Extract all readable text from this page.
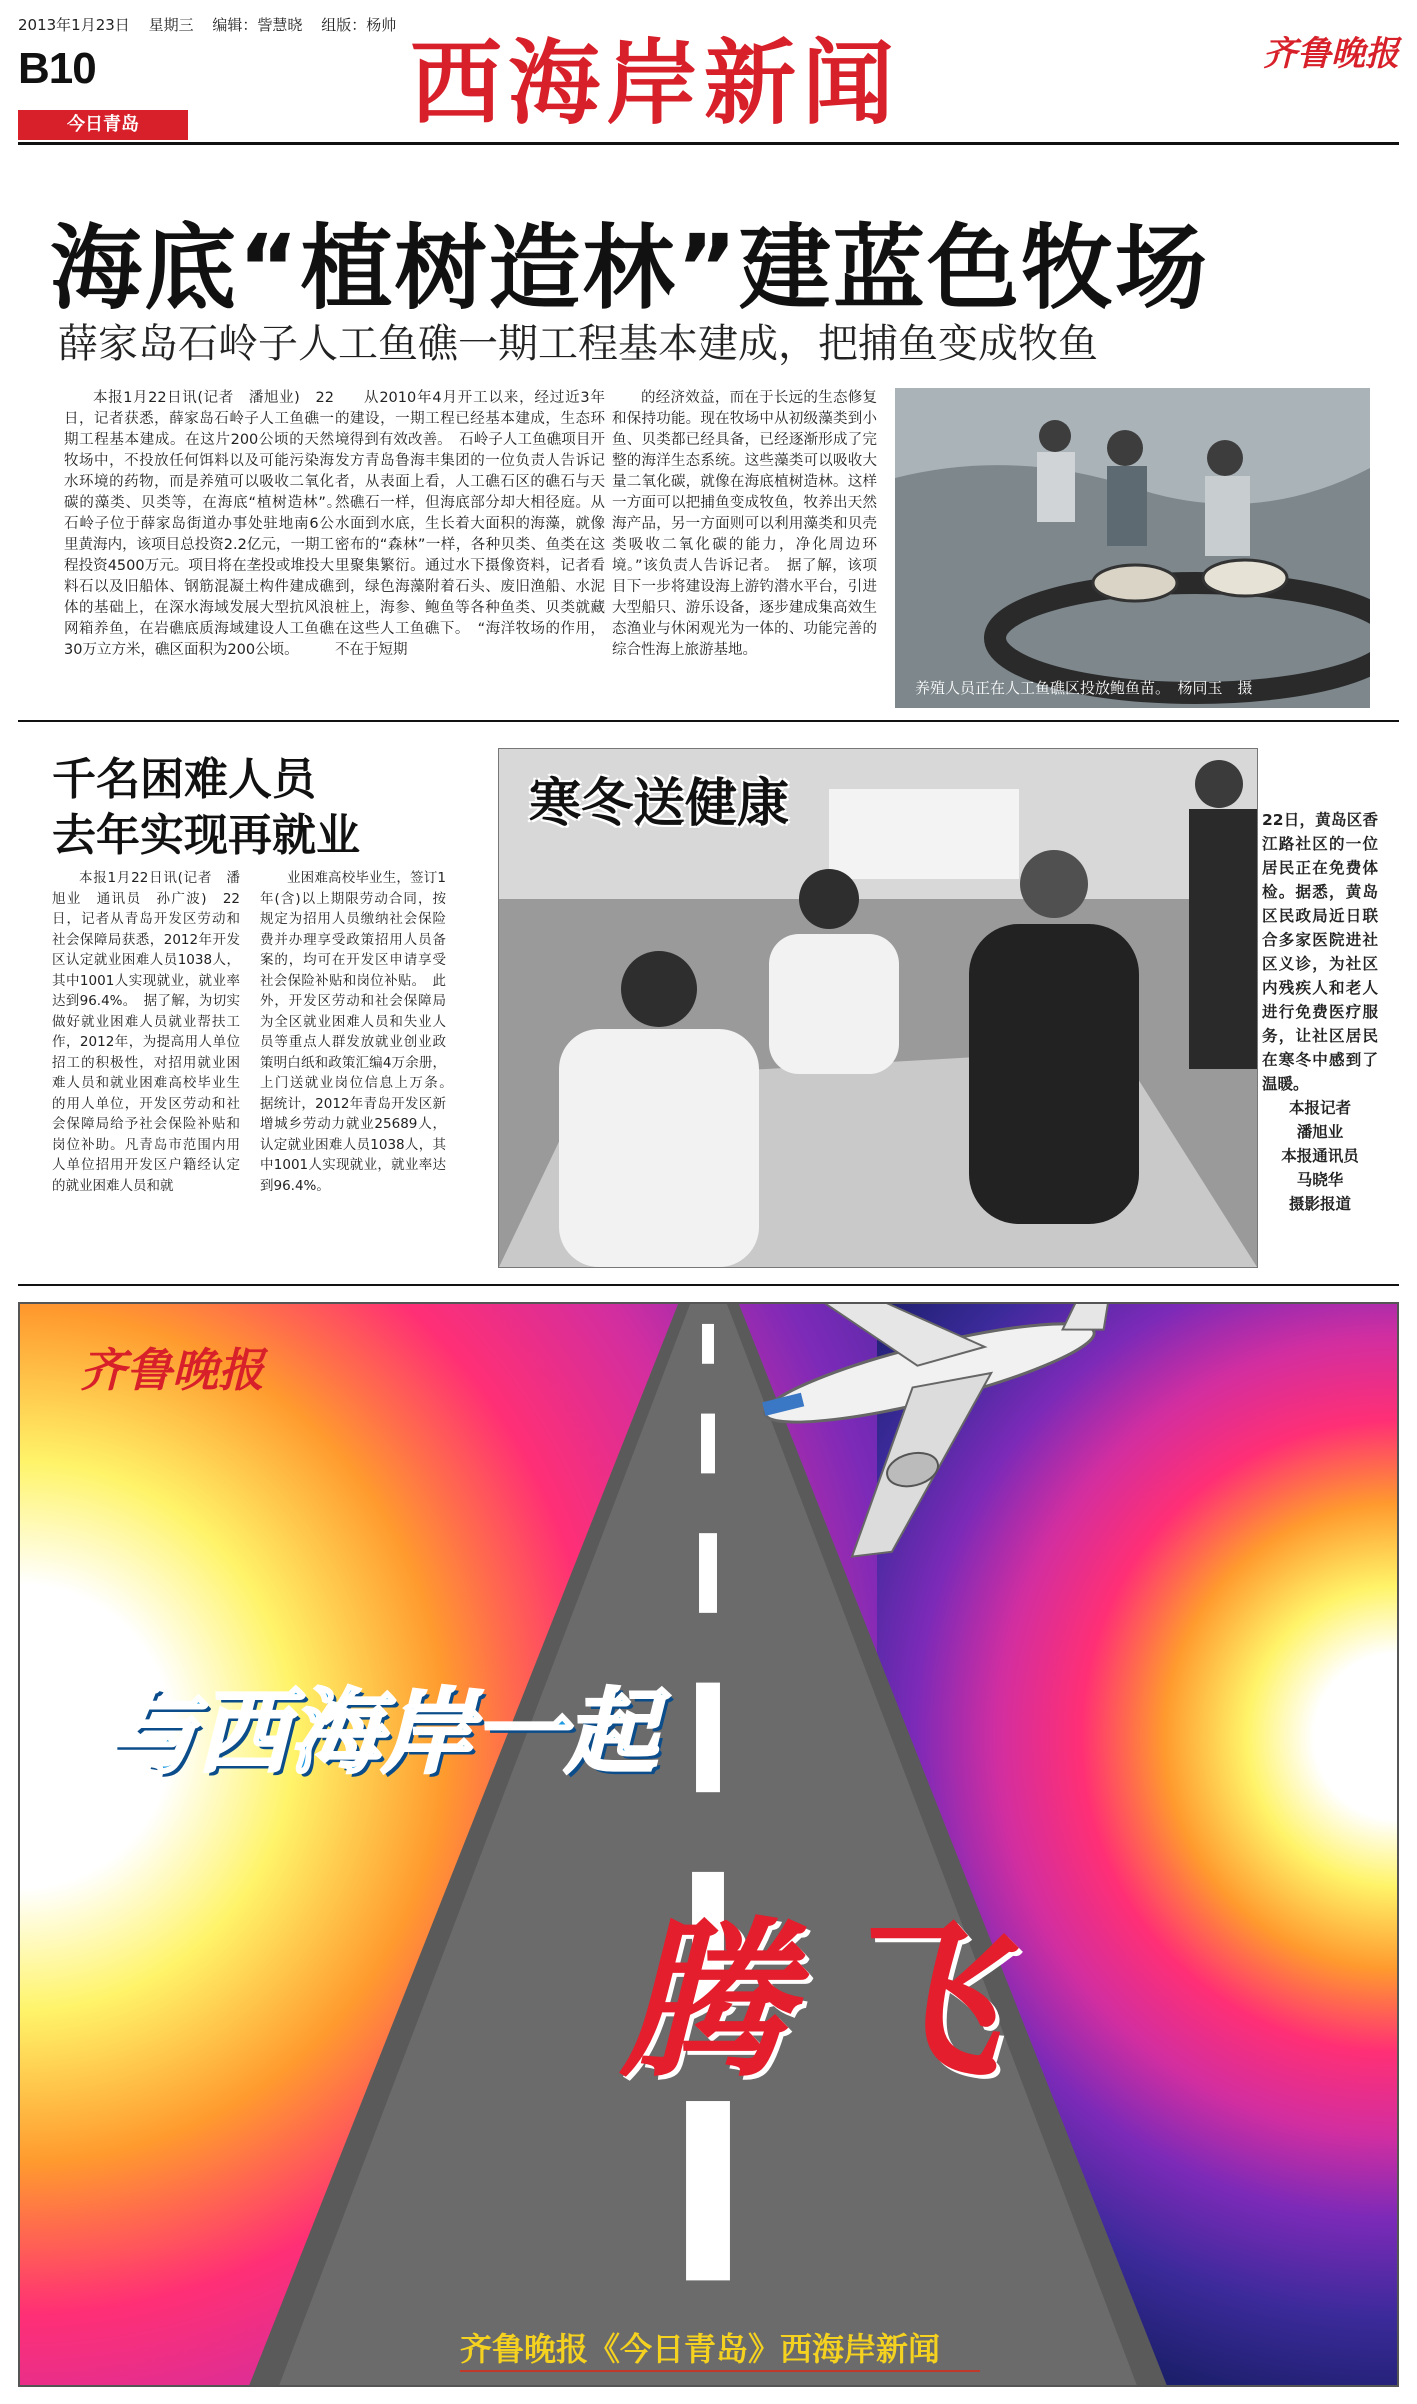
2013年1月23日 星期三 编辑：訾慧晓 组版：杨帅
B10
今日青岛	西海岸新闻	齐鲁晚报
海底“植树造林”建蓝色牧场
薛家岛石岭子人工鱼礁一期工程基本建成，把捕鱼变成牧鱼

本报1月22日讯(记者　潘旭业)　22日，记者获悉，薛家岛石岭子人工鱼礁一期工程基本建成。在这片200公顷的天然牧场中，不投放任何饵料以及可能污染海水环境的药物，而是养殖可以吸收二氧化碳的藻类、贝类等，在海底“植树造林”。　石岭子位于薛家岛街道办事处驻地南6公里黄海内，该项目总投资2.2亿元，一期工程投资4500万元。项目将在垄投或堆投大料石以及旧船体、钢筋混凝土构件建成礁体的基础上，在深水海域发展大型抗风浪网箱养鱼，在岩礁底质海域建设人工鱼礁30万立方米，礁区面积为200公顷。

从2010年4月开工以来，经过近3年的建设，一期工程已经基本建成，生态环境得到有效改善。　石岭子人工鱼礁项目开发方青岛鲁海丰集团的一位负责人告诉记者，从表面上看，人工礁石区的礁石与天然礁石一样，但海底部分却大相径庭。从水面到水底，生长着大面积的海藻，就像密布的“森林”一样，各种贝类、鱼类在这里聚集繁衍。通过水下摄像资料，记者看到，绿色海藻附着石头、废旧渔船、水泥桩上，海参、鲍鱼等各种鱼类、贝类就藏在这些人工鱼礁下。　“海洋牧场的作用，不在于短期

的经济效益，而在于长远的生态修复和保持功能。现在牧场中从初级藻类到小鱼、贝类都已经具备，已经逐渐形成了完整的海洋生态系统。这些藻类可以吸收大量二氧化碳，就像在海底植树造林。这样一方面可以把捕鱼变成牧鱼，牧养出天然海产品，另一方面则可以利用藻类和贝壳类吸收二氧化碳的能力，净化周边环境。”该负责人告诉记者。　据了解，该项目下一步将建设海上游钓潜水平台，引进大型船只、游乐设备，逐步建成集高效生态渔业与休闲观光为一体的、功能完善的综合性海上旅游基地。

养殖人员正在人工鱼礁区投放鲍鱼苗。　杨同玉　摄
千名困难人员
去年实现再就业

本报1月22日讯(记者　潘旭业　通讯员　孙广波)　22日，记者从青岛开发区劳动和社会保障局获悉，2012年开发区认定就业困难人员1038人，其中1001人实现就业，就业率达到96.4%。　据了解，为切实做好就业困难人员就业帮扶工作，2012年，为提高用人单位招工的积极性，对招用就业困难人员和就业困难高校毕业生的用人单位，开发区劳动和社会保障局给予社会保险补贴和岗位补助。凡青岛市范围内用人单位招用开发区户籍经认定的就业困难人员和就

业困难高校毕业生，签订1年(含)以上期限劳动合同，按规定为招用人员缴纳社会保险费并办理享受政策招用人员备案的，均可在开发区申请享受社会保险补贴和岗位补贴。　此外，开发区劳动和社会保障局为全区就业困难人员和失业人员等重点人群发放就业创业政策明白纸和政策汇编4万余册，上门送就业岗位信息上万条。　据统计，2012年青岛开发区新增城乡劳动力就业25689人，认定就业困难人员1038人，其中1001人实现就业，就业率达到96.4%。

寒冬送健康	22日，黄岛区香江路社区的一位居民正在免费体检。据悉，黄岛区民政局近日联合多家医院进社区义诊，为社区内残疾人和老人进行免费医疗服务，让社区居民在寒冬中感到了温暖。
本报记者
潘旭业
本报通讯员
马晓华
摄影报道
齐鲁晚报
与西海岸一起
腾飞
齐鲁晚报《今日青岛》西海岸新闻
